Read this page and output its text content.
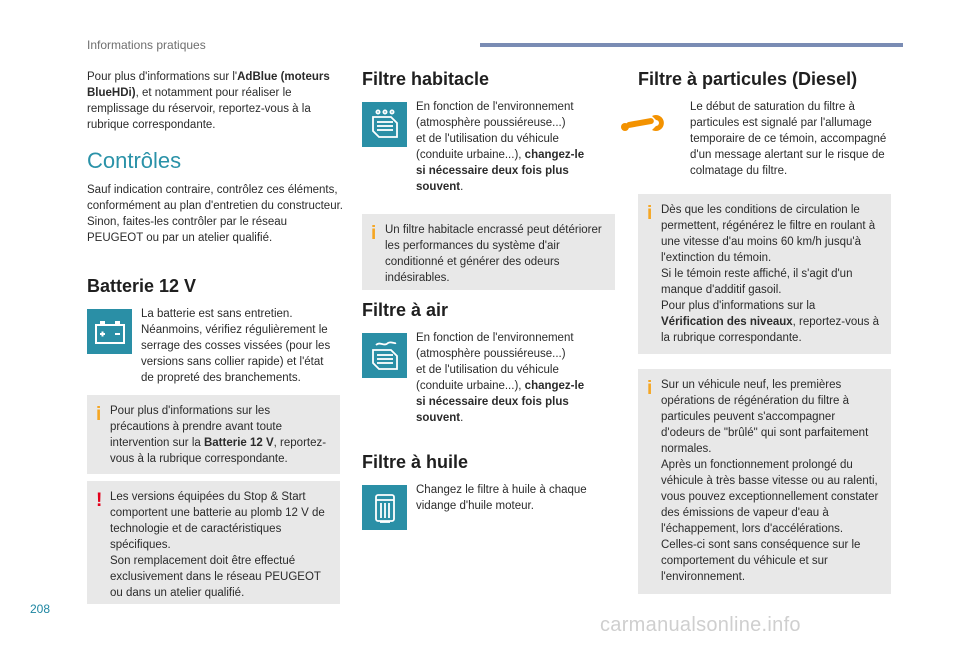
Informations pratiques
Pour plus d'informations sur l'AdBlue (moteurs BlueHDi), et notamment pour réaliser le remplissage du réservoir, reportez-vous à la rubrique correspondante.
Contrôles
Sauf indication contraire, contrôlez ces éléments, conformément au plan d'entretien du constructeur.
Sinon, faites-les contrôler par le réseau PEUGEOT ou par un atelier qualifié.
Batterie 12 V
La batterie est sans entretien. Néanmoins, vérifiez régulièrement le serrage des cosses vissées (pour les versions sans collier rapide) et l'état de propreté des branchements.
i Pour plus d'informations sur les précautions à prendre avant toute intervention sur la Batterie 12 V, reportez-vous à la rubrique correspondante.
! Les versions équipées du Stop & Start comportent une batterie au plomb 12 V de technologie et de caractéristiques spécifiques.
Son remplacement doit être effectué exclusivement dans le réseau PEUGEOT ou dans un atelier qualifié.
Filtre habitacle
En fonction de l'environnement (atmosphère poussiéreuse...)
et de l'utilisation du véhicule (conduite urbaine...), changez-le si nécessaire deux fois plus souvent.
i Un filtre habitacle encrassé peut détériorer les performances du système d'air conditionné et générer des odeurs indésirables.
Filtre à air
En fonction de l'environnement (atmosphère poussiéreuse...)
et de l'utilisation du véhicule (conduite urbaine...), changez-le si nécessaire deux fois plus souvent.
Filtre à huile
Changez le filtre à huile à chaque vidange d'huile moteur.
Filtre à particules (Diesel)
Le début de saturation du filtre à particules est signalé par l'allumage temporaire de ce témoin, accompagné d'un message alertant sur le risque de colmatage du filtre.
i Dès que les conditions de circulation le permettent, régénérez le filtre en roulant à une vitesse d'au moins 60 km/h jusqu'à l'extinction du témoin.
Si le témoin reste affiché, il s'agit d'un manque d'additif gasoil.
Pour plus d'informations sur la Vérification des niveaux, reportez-vous à la rubrique correspondante.
i Sur un véhicule neuf, les premières opérations de régénération du filtre à particules peuvent s'accompagner d'odeurs de "brûlé" qui sont parfaitement normales.
Après un fonctionnement prolongé du véhicule à très basse vitesse ou au ralenti, vous pouvez exceptionnellement constater des émissions de vapeur d'eau à l'échappement, lors d'accélérations.
Celles-ci sont sans conséquence sur le comportement du véhicule et sur l'environnement.
208
carmanualsonline.info
